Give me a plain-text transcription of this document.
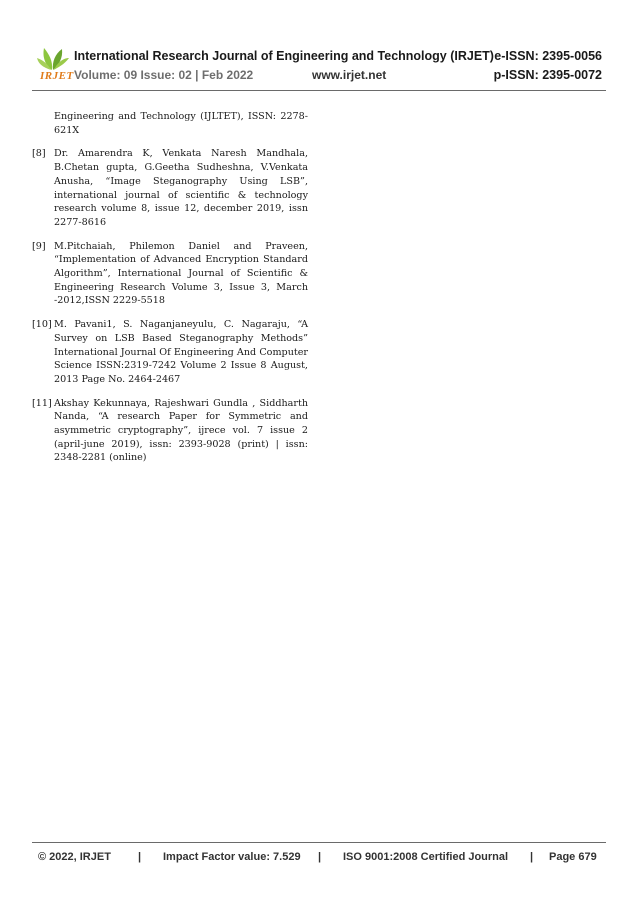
IRJET
International Research Journal of Engineering and Technology (IRJET) e-ISSN: 2395-0056
Volume: 09 Issue: 02 | Feb 2022	www.irjet.net	p-ISSN: 2395-0072
Engineering and Technology (IJLTET), ISSN: 2278-621X
[8] Dr. Amarendra K, Venkata Naresh Mandhala, B.Chetan gupta, G.Geetha Sudheshna, V.Venkata Anusha, “Image Steganography Using LSB”, international journal of scientific & technology research volume 8, issue 12, december 2019, issn 2277-8616
[9] M.Pitchaiah, Philemon Daniel and Praveen, “Implementation of Advanced Encryption Standard Algorithm”, International Journal of Scientific & Engineering Research Volume 3, Issue 3, March -2012,ISSN 2229-5518
[10] M. Pavani1, S. Naganjaneyulu, C. Nagaraju, “A Survey on LSB Based Steganography Methods” International Journal Of Engineering And Computer Science ISSN:2319-7242 Volume 2 Issue 8 August, 2013 Page No. 2464-2467
[11] Akshay Kekunnaya, Rajeshwari Gundla , Siddharth Nanda, “A research Paper for Symmetric and asymmetric cryptography”, ijrece vol. 7 issue 2 (april-june 2019), issn: 2393-9028 (print) | issn: 2348-2281 (online)
© 2022, IRJET | Impact Factor value: 7.529 | ISO 9001:2008 Certified Journal | Page 679
